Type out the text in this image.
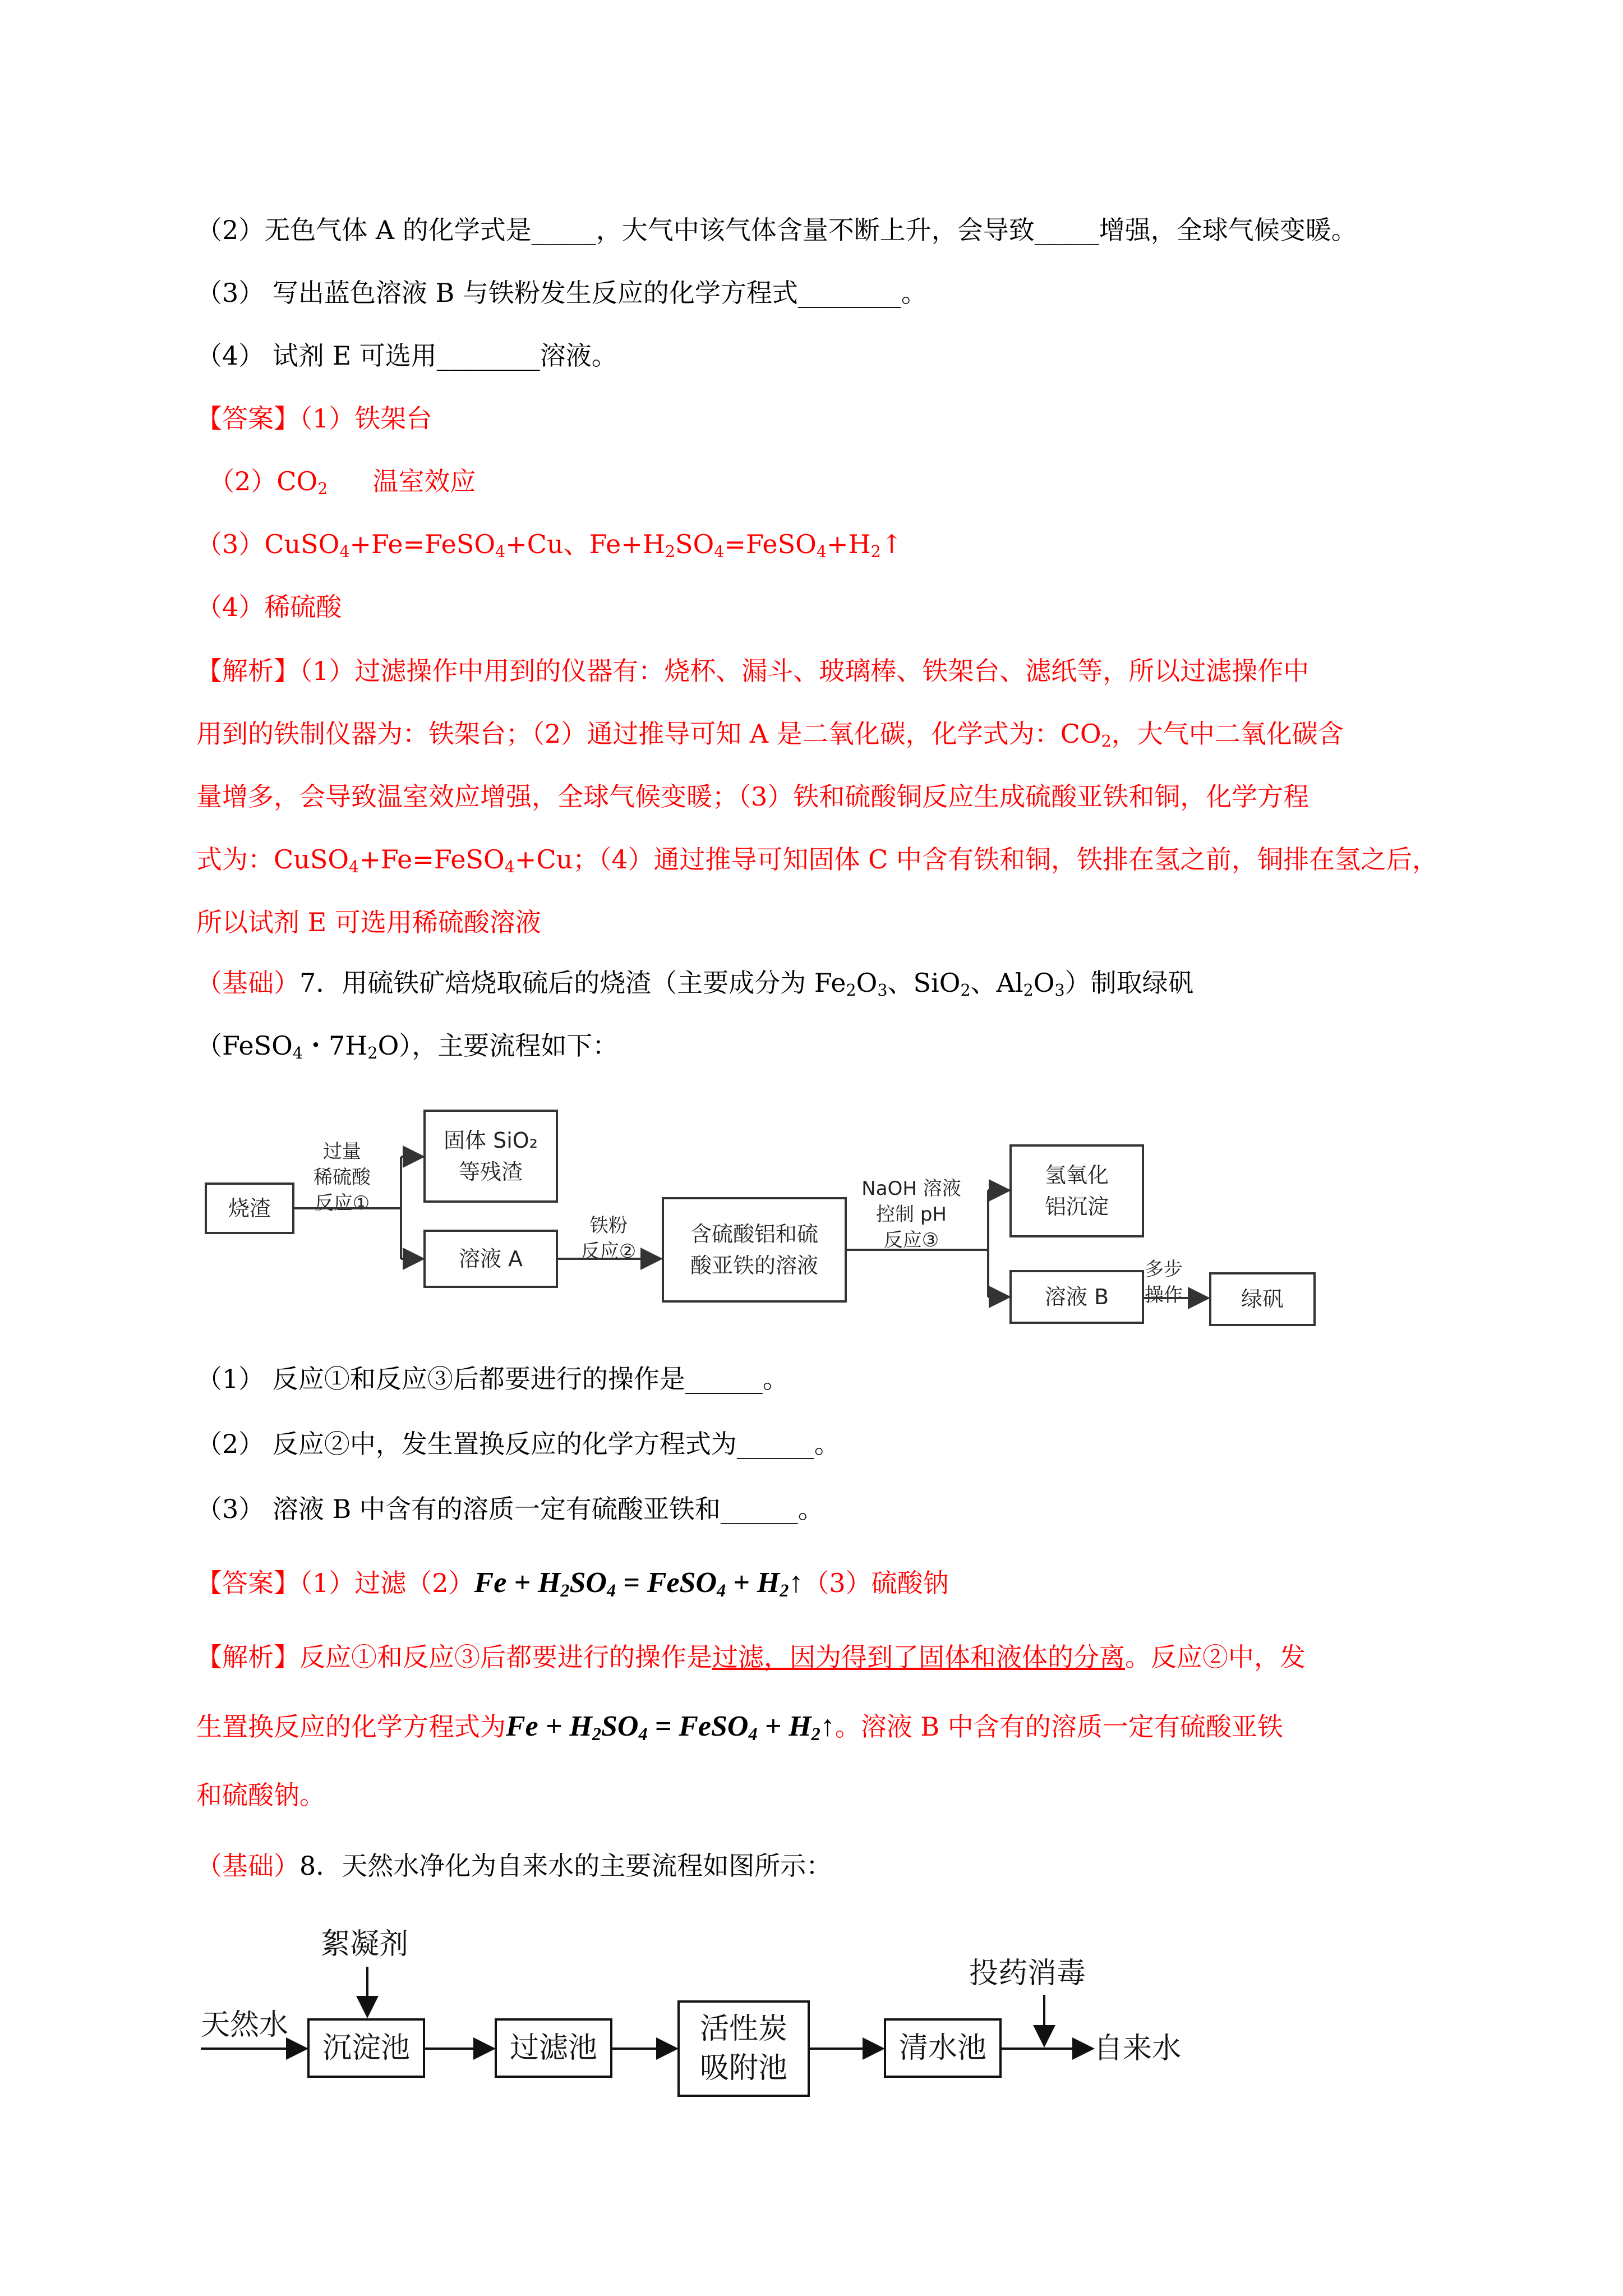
（2）无色气体 A 的化学式是_____，大气中该气体含量不断上升，会导致_____增强，全球气候变暖。
（3） 写出蓝色溶液 B 与铁粉发生反应的化学方程式________。
（4） 试剂 E 可选用________溶液。
【答案】（1）铁架台
$(2)CO_2$ 温室效应
（3）CuSO$_4$+Fe=FeSO$_4$+Cu、$Fe+H_2SO_4=FeSO_4+H_2↑$
（4）稀硫酸
【解析】（1）过滤操作中用到的仪器有：烧杯、漏斗、玻璃棒、铁架台、滤纸等，所以过滤操作中
用到的铁制仪器为：铁架台；（2）通过推导可知 A 是二氧化碳，化学式为：$CO_2$，大气中二氧化碳含
量增多，会导致温室效应增强，全球气候变暖；（3）铁和硫酸铜反应生成硫酸亚铁和铜，化学方程
式为：CuSO$_4$+Fe=FeSO$_4$+Cu；（4）通过推导可知固体 C 中含有铁和铜，铁排在氢之前，铜排在氢之后，
所以试剂 E 可选用稀硫酸溶液
（基础）7．用硫铁矿焙烧取硫后的烧渣（主要成分为 $Fe_2O_3$、SiO$_2$、$Al_2O_3$）制取绿矾
（FeSO$_4$・$7H_2O$），主要流程如下：
烧渣
过量
稀硫酸
反应①
固体 SiO₂
等残渣
溶液 A
铁粉
反应②
含硫酸铝和硫
酸亚铁的溶液
NaOH 溶液
控制 pH
反应③
氢氧化
铝沉淀
溶液 B
多步
操作	绿矾
（1） 反应①和反应③后都要进行的操作是______。
（2） 反应②中，发生置换反应的化学方程式为______。
（3） 溶液 B 中含有的溶质一定有硫酸亚铁和______。
【答案】（1）过滤$(2)Fe + H_2SO_4$ = FeSO$_4$ + $H_2↑(3)$硫酸钠
【解析】反应①和反应③后都要进行的操作是过滤，因为得到了固体和液体的分离。反应②中，发
生置换反应的化学方程式为$Fe + H_2SO_4$ = FeSO$_4$ + $H_2↑$。溶液 B 中含有的溶质一定有硫酸亚铁
和硫酸钠。
（基础）8．天然水净化为自来水的主要流程如图所示：
絮凝剂
天然水
沉淀池	过滤池
活性炭
吸附池
清水池
投药消毒
自来水
